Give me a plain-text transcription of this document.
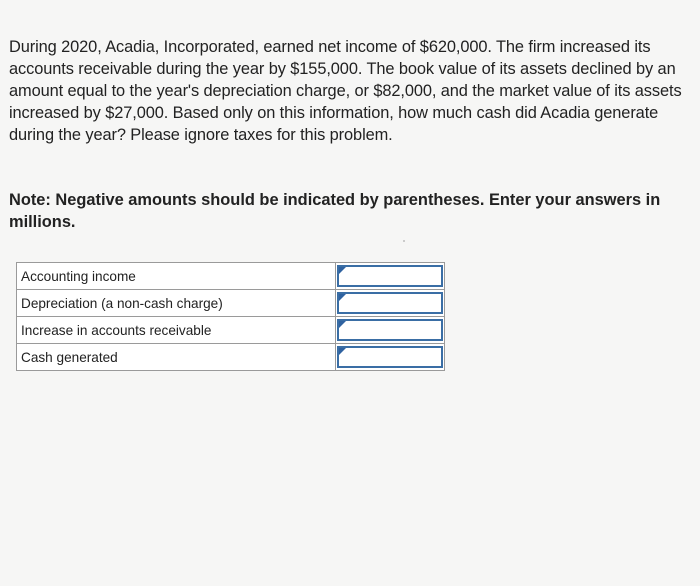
During 2020, Acadia, Incorporated, earned net income of $620,000. The firm increased its accounts receivable during the year by $155,000. The book value of its assets declined by an amount equal to the year's depreciation charge, or $82,000, and the market value of its assets increased by $27,000. Based only on this information, how much cash did Acadia generate during the year? Please ignore taxes for this problem.

Note: Negative amounts should be indicated by parentheses. Enter your answers in millions.

Accounting income	

Depreciation (a non-cash charge)	

Increase in accounts receivable	

Cash generated	
